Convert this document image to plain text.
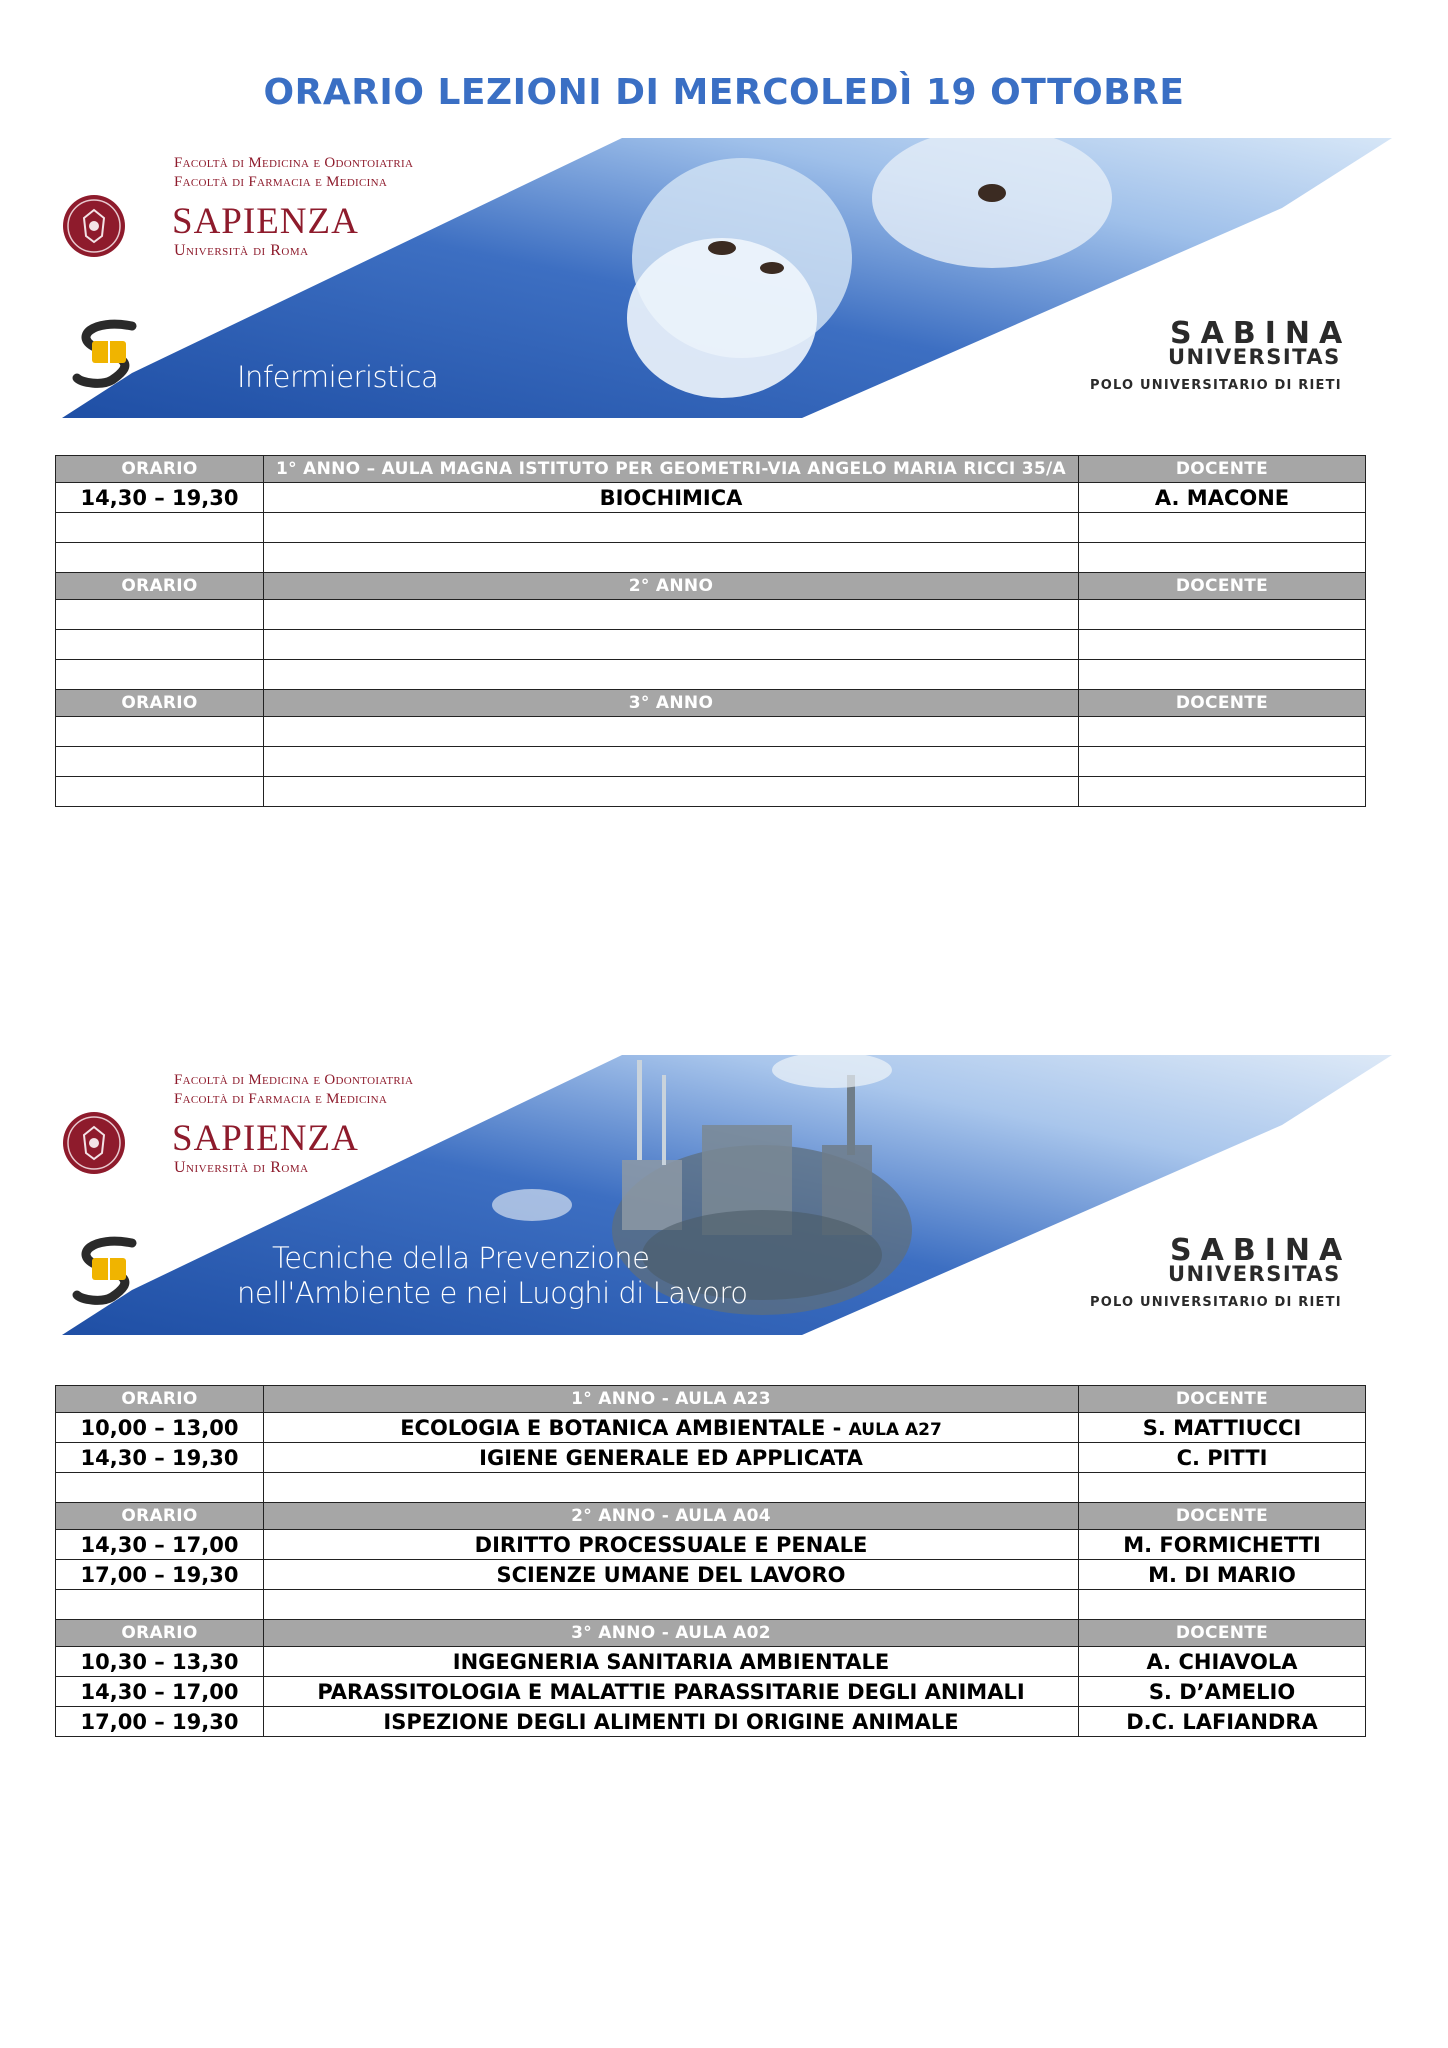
ORARIO LEZIONI DI MERCOLEDÌ 19 OTTOBRE
Facoltà di Medicina e Odontoiatria
Facoltà di Farmacia e Medicina
SAPIENZA
Università di Roma
Infermieristica
SABINA
UNIVERSITAS
POLO UNIVERSITARIO DI RIETI
ORARIO	1° ANNO – AULA MAGNA ISTITUTO PER GEOMETRI-VIA ANGELO MARIA RICCI 35/A	DOCENTE
14,30 – 19,30	BIOCHIMICA	A. MACONE

ORARIO	2° ANNO	DOCENTE

ORARIO	3° ANNO	DOCENTE

Facoltà di Medicina e Odontoiatria
Facoltà di Farmacia e Medicina
SAPIENZA
Università di Roma
Tecniche della Prevenzione
nell'Ambiente e nei Luoghi di Lavoro
SABINA
UNIVERSITAS
POLO UNIVERSITARIO DI RIETI
ORARIO	1° ANNO - AULA A23	DOCENTE
10,00 – 13,00	ECOLOGIA E BOTANICA AMBIENTALE - AULA A27	S. MATTIUCCI
14,30 – 19,30	IGIENE GENERALE ED APPLICATA	C. PITTI

ORARIO	2° ANNO - AULA A04	DOCENTE
14,30 – 17,00	DIRITTO PROCESSUALE E PENALE	M. FORMICHETTI
17,00 – 19,30	SCIENZE UMANE DEL LAVORO	M. DI MARIO

ORARIO	3° ANNO - AULA A02	DOCENTE
10,30 – 13,30	INGEGNERIA SANITARIA AMBIENTALE	A. CHIAVOLA
14,30 – 17,00	PARASSITOLOGIA E MALATTIE PARASSITARIE DEGLI ANIMALI	S. D’AMELIO
17,00 – 19,30	ISPEZIONE DEGLI ALIMENTI DI ORIGINE ANIMALE	D.C. LAFIANDRA
